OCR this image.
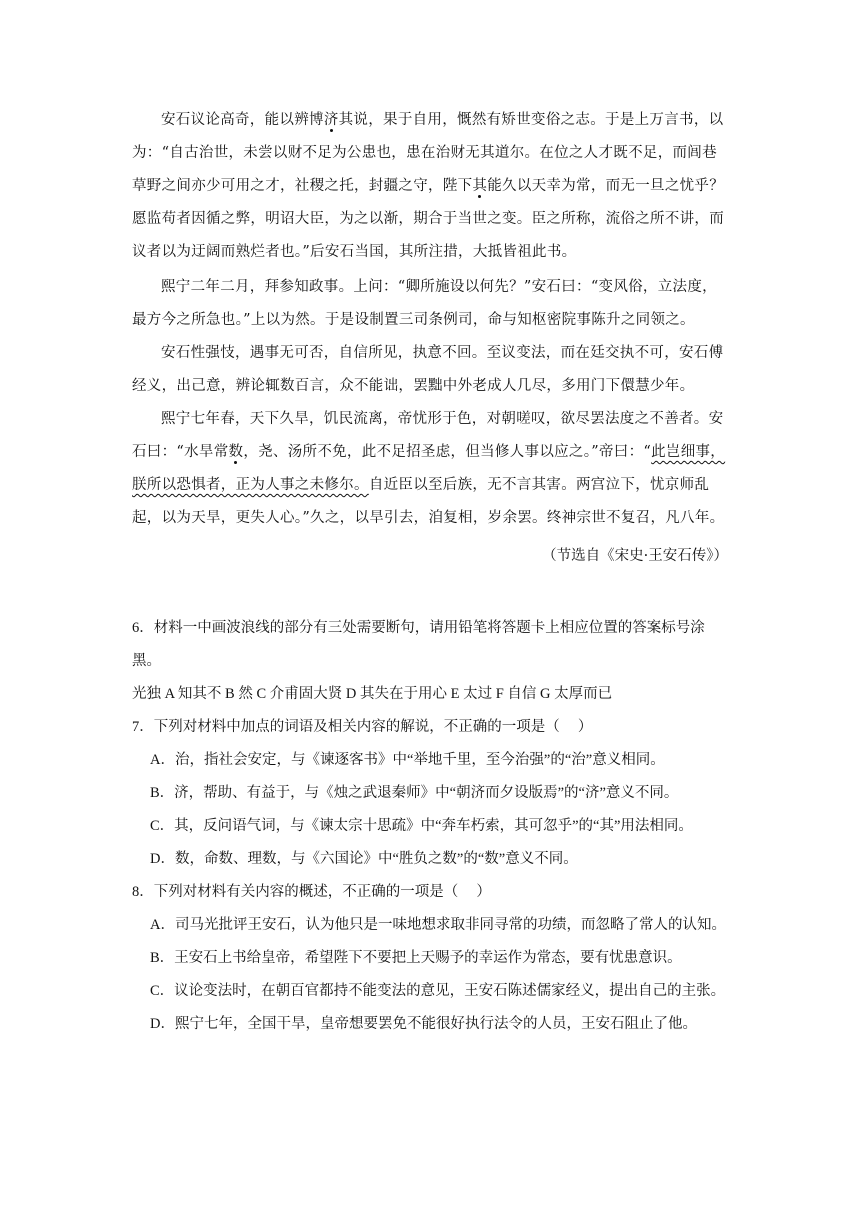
安石议论高奇，能以辨博济其说，果于自用，慨然有矫世变俗之志。于是上万言书，以为：“自古治世，未尝以财不足为公患也，患在治财无其道尔。在位之人才既不足，而闾巷草野之间亦少可用之才，社稷之托，封疆之守，陛下其能久以天幸为常，而无一旦之忧乎？愿监苟者因循之弊，明诏大臣，为之以渐，期合于当世之变。臣之所称，流俗之所不讲，而议者以为迂阔而熟烂者也。”后安石当国，其所注措，大抵皆祖此书。

熙宁二年二月，拜参知政事。上问：“卿所施设以何先？”安石曰：“变风俗，立法度，最方今之所急也。”上以为然。于是设制置三司条例司，命与知枢密院事陈升之同领之。

安石性强忮，遇事无可否，自信所见，执意不回。至议变法，而在廷交执不可，安石傅经义，出己意，辨论辄数百言，众不能诎，罢黜中外老成人几尽，多用门下儇慧少年。

熙宁七年春，天下久旱，饥民流离，帝忧形于色，对朝嗟叹，欲尽罢法度之不善者。安石曰：“水旱常数，尧、汤所不免，此不足招圣虑，但当修人事以应之。”帝曰：“此岂细事，朕所以恐惧者，正为人事之未修尔。自近臣以至后族，无不言其害。两宫泣下，忧京师乱起，以为天旱，更失人心。”久之，以旱引去，洎复相，岁余罢。终神宗世不复召，凡八年。

（节选自《宋史·王安石传》）

6．材料一中画波浪线的部分有三处需要断句，请用铅笔将答题卡上相应位置的答案标号涂黑。

光独 A 知其不 B 然 C 介甫固大贤 D 其失在于用心 E 太过 F 自信 G 太厚而已

7．下列对材料中加点的词语及相关内容的解说，不正确的一项是（　 ）

A．治，指社会安定，与《谏逐客书》中“举地千里，至今治强”的“治”意义相同。

B．济，帮助、有益于，与《烛之武退秦师》中“朝济而夕设版焉”的“济”意义不同。

C．其，反问语气词，与《谏太宗十思疏》中“奔车朽索，其可忽乎”的“其”用法相同。

D．数，命数、理数，与《六国论》中“胜负之数”的“数”意义不同。

8．下列对材料有关内容的概述，不正确的一项是（　 ）

A．司马光批评王安石，认为他只是一味地想求取非同寻常的功绩，而忽略了常人的认知。

B．王安石上书给皇帝，希望陛下不要把上天赐予的幸运作为常态，要有忧患意识。

C．议论变法时，在朝百官都持不能变法的意见，王安石陈述儒家经义，提出自己的主张。

D．熙宁七年，全国干旱，皇帝想要罢免不能很好执行法令的人员，王安石阻止了他。
